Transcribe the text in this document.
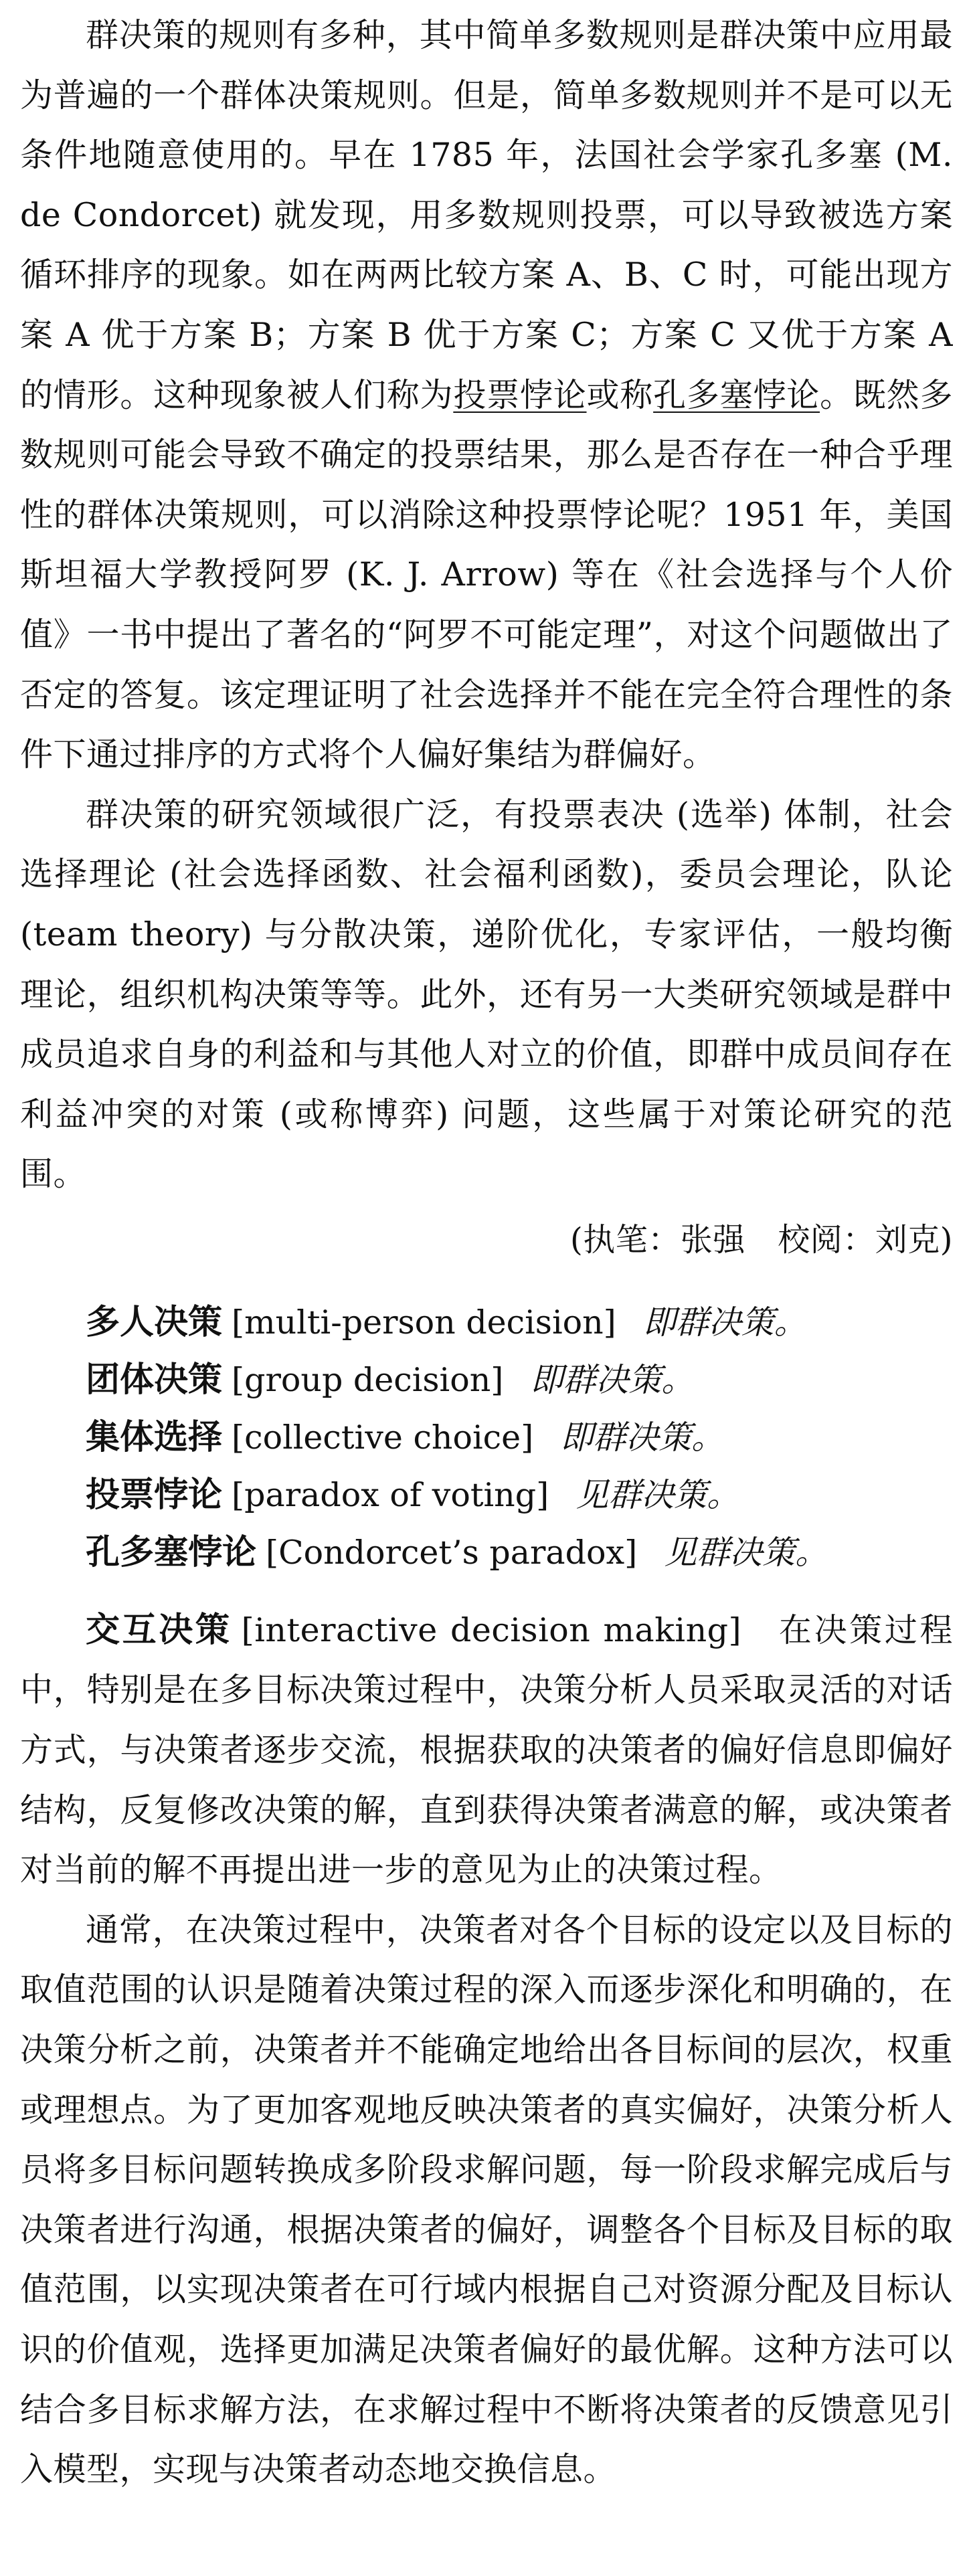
群决策的规则有多种，其中简单多数规则是群决策中应用最为普遍的一个群体决策规则。但是，简单多数规则并不是可以无条件地随意使用的。早在 1785 年，法国社会学家孔多塞 (M. de Condorcet) 就发现，用多数规则投票，可以导致被选方案循环排序的现象。如在两两比较方案 A、B、C 时，可能出现方案 A 优于方案 B；方案 B 优于方案 C；方案 C 又优于方案 A 的情形。这种现象被人们称为投票悖论或称孔多塞悖论。既然多数规则可能会导致不确定的投票结果，那么是否存在一种合乎理性的群体决策规则，可以消除这种投票悖论呢？1951 年，美国斯坦福大学教授阿罗 (K. J. Arrow) 等在《社会选择与个人价值》一书中提出了著名的“阿罗不可能定理”，对这个问题做出了否定的答复。该定理证明了社会选择并不能在完全符合理性的条件下通过排序的方式将个人偏好集结为群偏好。

群决策的研究领域很广泛，有投票表决 (选举) 体制，社会选择理论 (社会选择函数、社会福利函数)，委员会理论，队论 (team theory) 与分散决策，递阶优化，专家评估，一般均衡理论，组织机构决策等等。此外，还有另一大类研究领域是群中成员追求自身的利益和与其他人对立的价值，即群中成员间存在利益冲突的对策 (或称博弈) 问题，这些属于对策论研究的范围。

(执笔：张强　校阅：刘克)
多人决策 [multi-person decision] 即群决策。
团体决策 [group decision] 即群决策。
集体选择 [collective choice] 即群决策。
投票悖论 [paradox of voting] 见群决策。
孔多塞悖论 [Condorcet’s paradox] 见群决策。

交互决策 [interactive decision making]　 在决策过程中，特别是在多目标决策过程中，决策分析人员采取灵活的对话方式，与决策者逐步交流，根据获取的决策者的偏好信息即偏好结构，反复修改决策的解，直到获得决策者满意的解，或决策者对当前的解不再提出进一步的意见为止的决策过程。

通常，在决策过程中，决策者对各个目标的设定以及目标的取值范围的认识是随着决策过程的深入而逐步深化和明确的，在决策分析之前，决策者并不能确定地给出各目标间的层次，权重或理想点。为了更加客观地反映决策者的真实偏好，决策分析人员将多目标问题转换成多阶段求解问题，每一阶段求解完成后与决策者进行沟通，根据决策者的偏好，调整各个目标及目标的取值范围，以实现决策者在可行域内根据自己对资源分配及目标认识的价值观，选择更加满足决策者偏好的最优解。这种方法可以结合多目标求解方法，在求解过程中不断将决策者的反馈意见引入模型，实现与决策者动态地交换信息。
